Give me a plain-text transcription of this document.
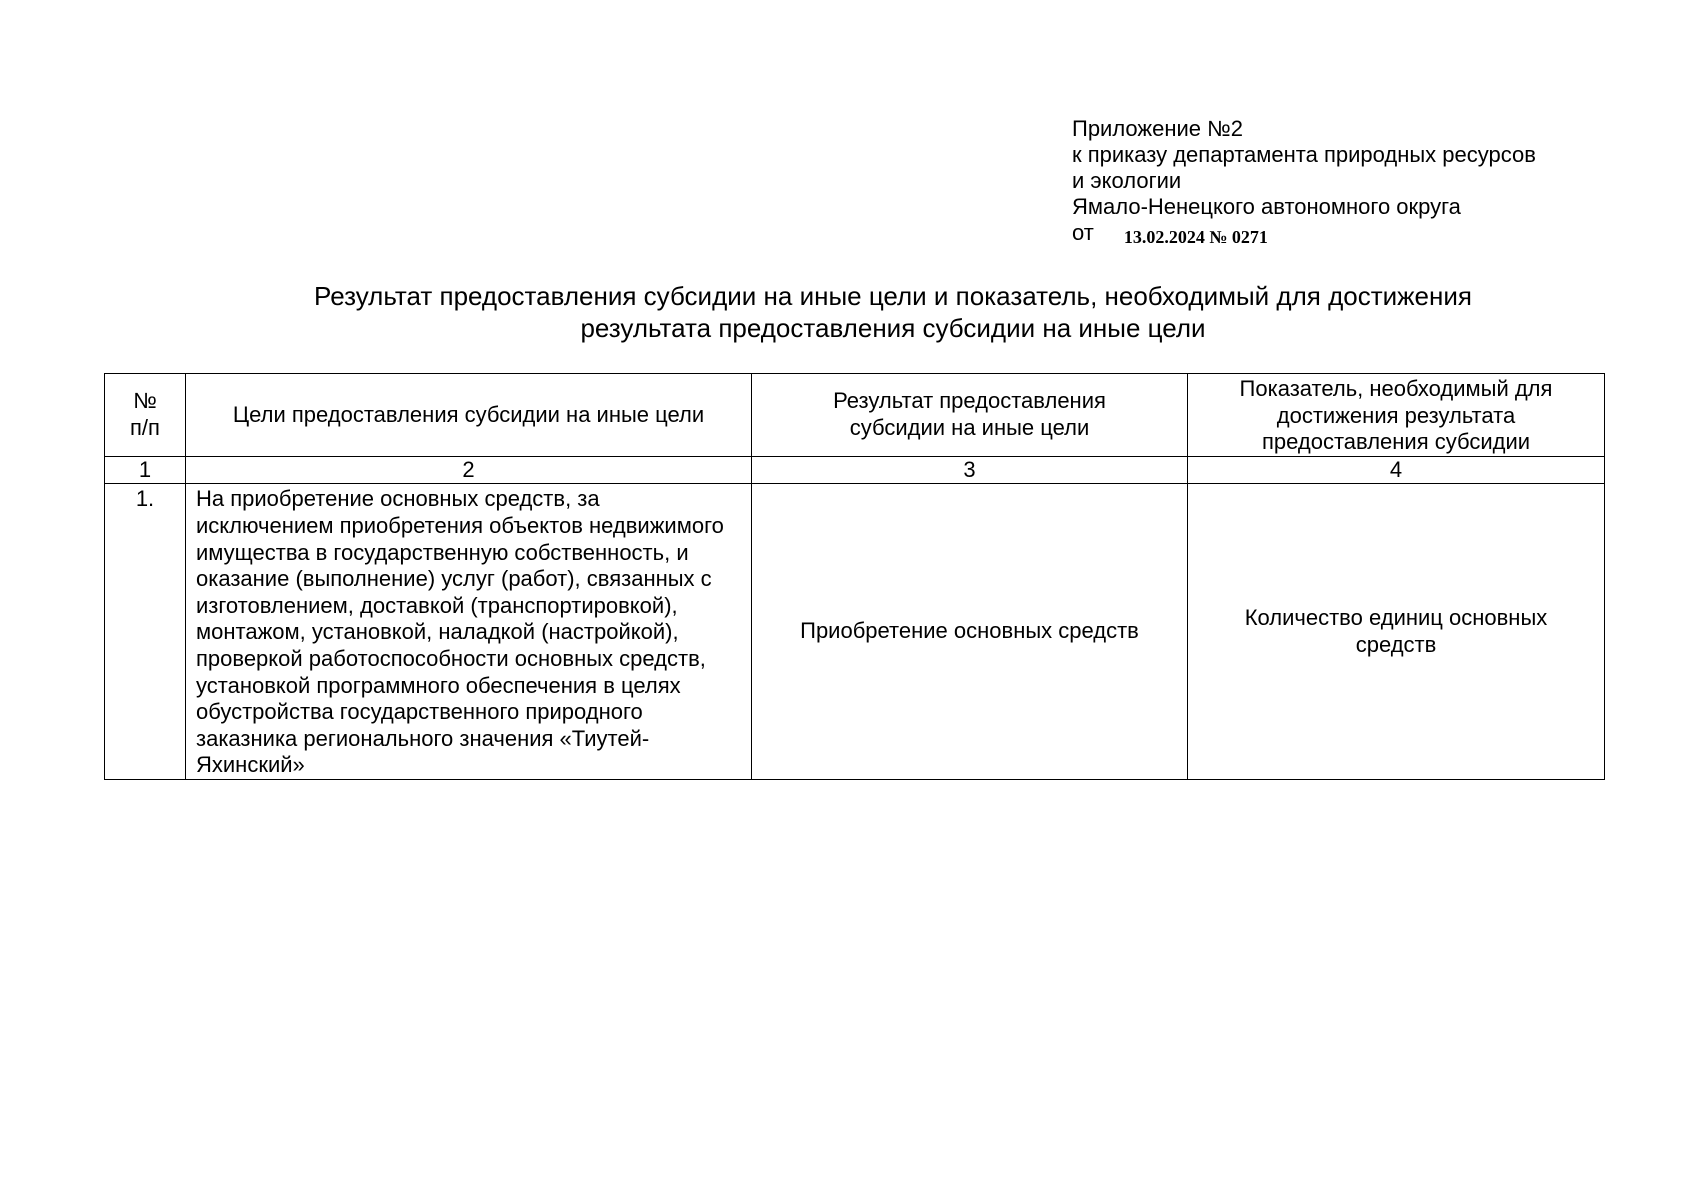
Приложение №2
к приказу департамента природных ресурсов
и экологии
Ямало-Ненецкого автономного округа
от 13.02.2024 № 0271
Результат предоставления субсидии на иные цели и показатель, необходимый для достижения
результата предоставления субсидии на иные цели
№ п/п	Цели предоставления субсидии на иные цели	Результат предоставления субсидии на иные цели	Показатель, необходимый для достижения результата предоставления субсидии
1	2	3	4
1.	На приобретение основных средств, за исключением приобретения объектов недвижимого имущества в государственную собственность, и оказание (выполнение) услуг (работ), связанных с изготовлением, доставкой (транспортировкой), монтажом, установкой, наладкой (настройкой), проверкой работоспособности основных средств, установкой программного обеспечения в целях обустройства государственного природного заказника регионального значения «Тиутей-Яхинский»	Приобретение основных средств	Количество единиц основных средств
